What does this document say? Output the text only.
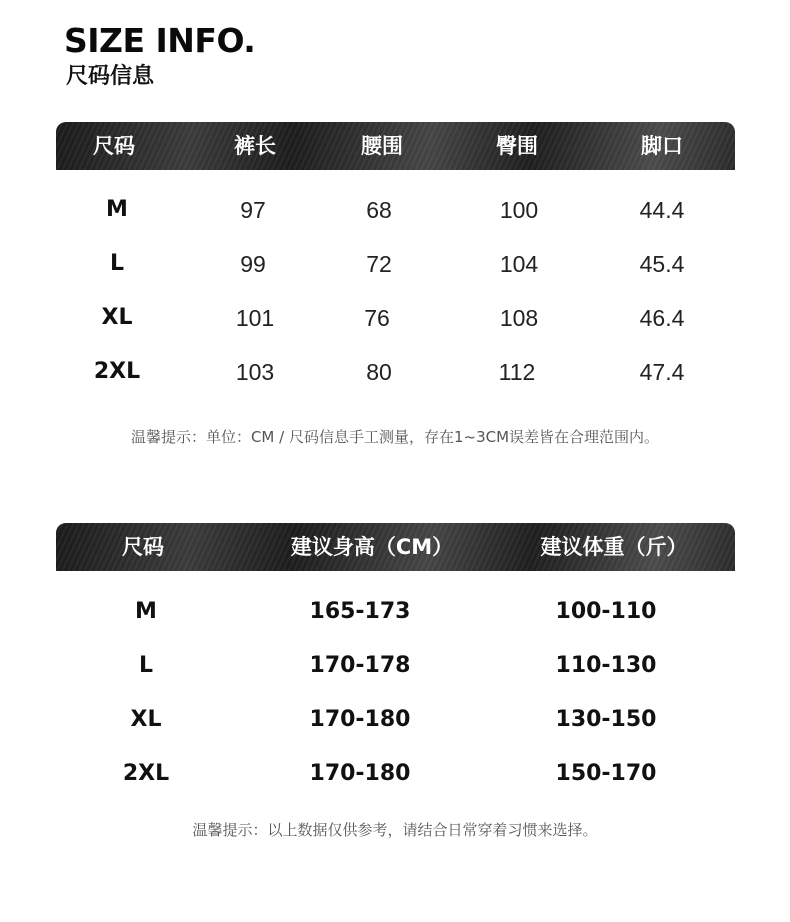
SIZE INFO.
尺码信息
尺码	裤长	腰围	臀围	脚口
M	97	68	100	44.4
L	99	72	104	45.4
XL	101	76	108	46.4
2XL	103	80	112	47.4
温馨提示：单位：CM / 尺码信息手工测量，存在1~3CM误差皆在合理范围内。
尺码	建议身高（CM）	建议体重（斤）
M	165-173	100-110
L	170-178	110-130
XL	170-180	130-150
2XL	170-180	150-170
温馨提示：以上数据仅供参考，请结合日常穿着习惯来选择。
